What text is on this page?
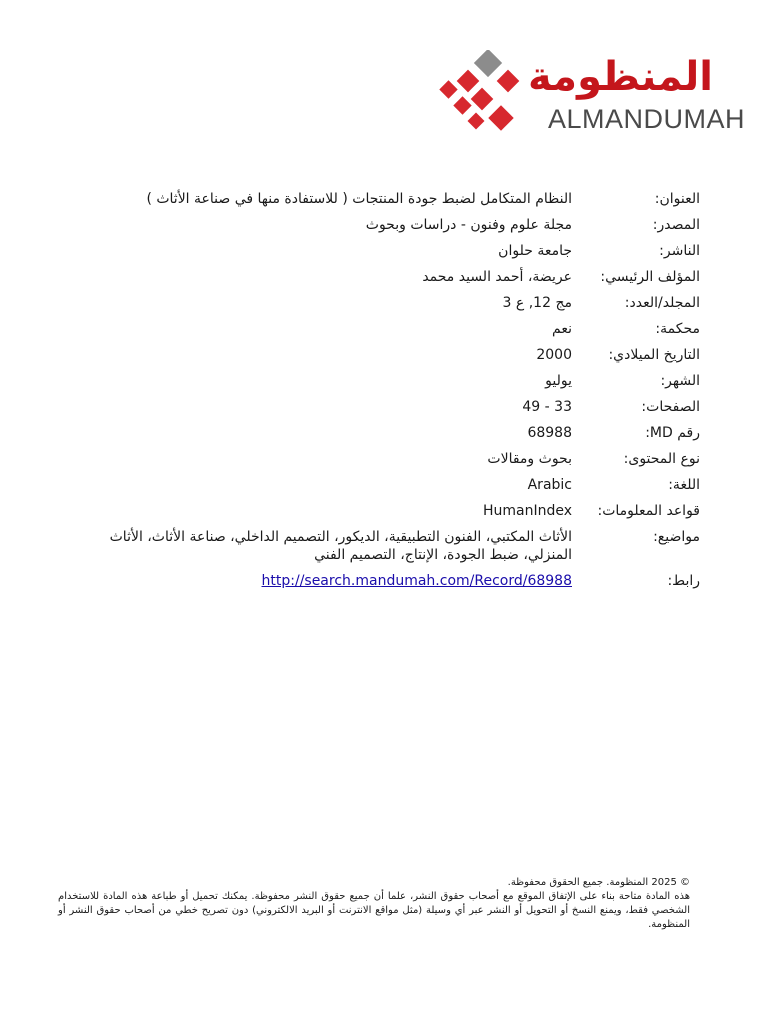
المنظومة
ALMANDUMAH
العنوان:
النظام المتكامل لضبط جودة المنتجات ( للاستفادة منها في صناعة الأثاث )
المصدر:
مجلة علوم وفنون - دراسات وبحوث
الناشر:
جامعة حلوان
المؤلف الرئيسي:
عريضة، أحمد السيد محمد
المجلد/العدد:
مج 12, ع 3
محكمة:
نعم
التاريخ الميلادي:
2000
الشهر:
يوليو
الصفحات:
33 - 49
رقم MD:
68988
نوع المحتوى:
بحوث ومقالات
اللغة:
Arabic
قواعد المعلومات:
HumanIndex
مواضيع:
الأثاث المكتبي، الفنون التطبيقية، الديكور، التصميم الداخلي، صناعة الأثاث، الأثاث المنزلي، ضبط الجودة، الإنتاج، التصميم الفني
رابط:
http://search.mandumah.com/Record/68988

© 2025 المنظومة. جميع الحقوق محفوظة.

هذه المادة متاحة بناء على الإتفاق الموقع مع أصحاب حقوق النشر، علما أن جميع حقوق النشر محفوظة. يمكنك تحميل أو طباعة هذه المادة للاستخدام الشخصي فقط، ويمنع النسخ أو التحويل أو النشر عبر أي وسيلة (مثل مواقع الانترنت أو البريد الالكتروني) دون تصريح خطي من أصحاب حقوق النشر أو المنظومة.
